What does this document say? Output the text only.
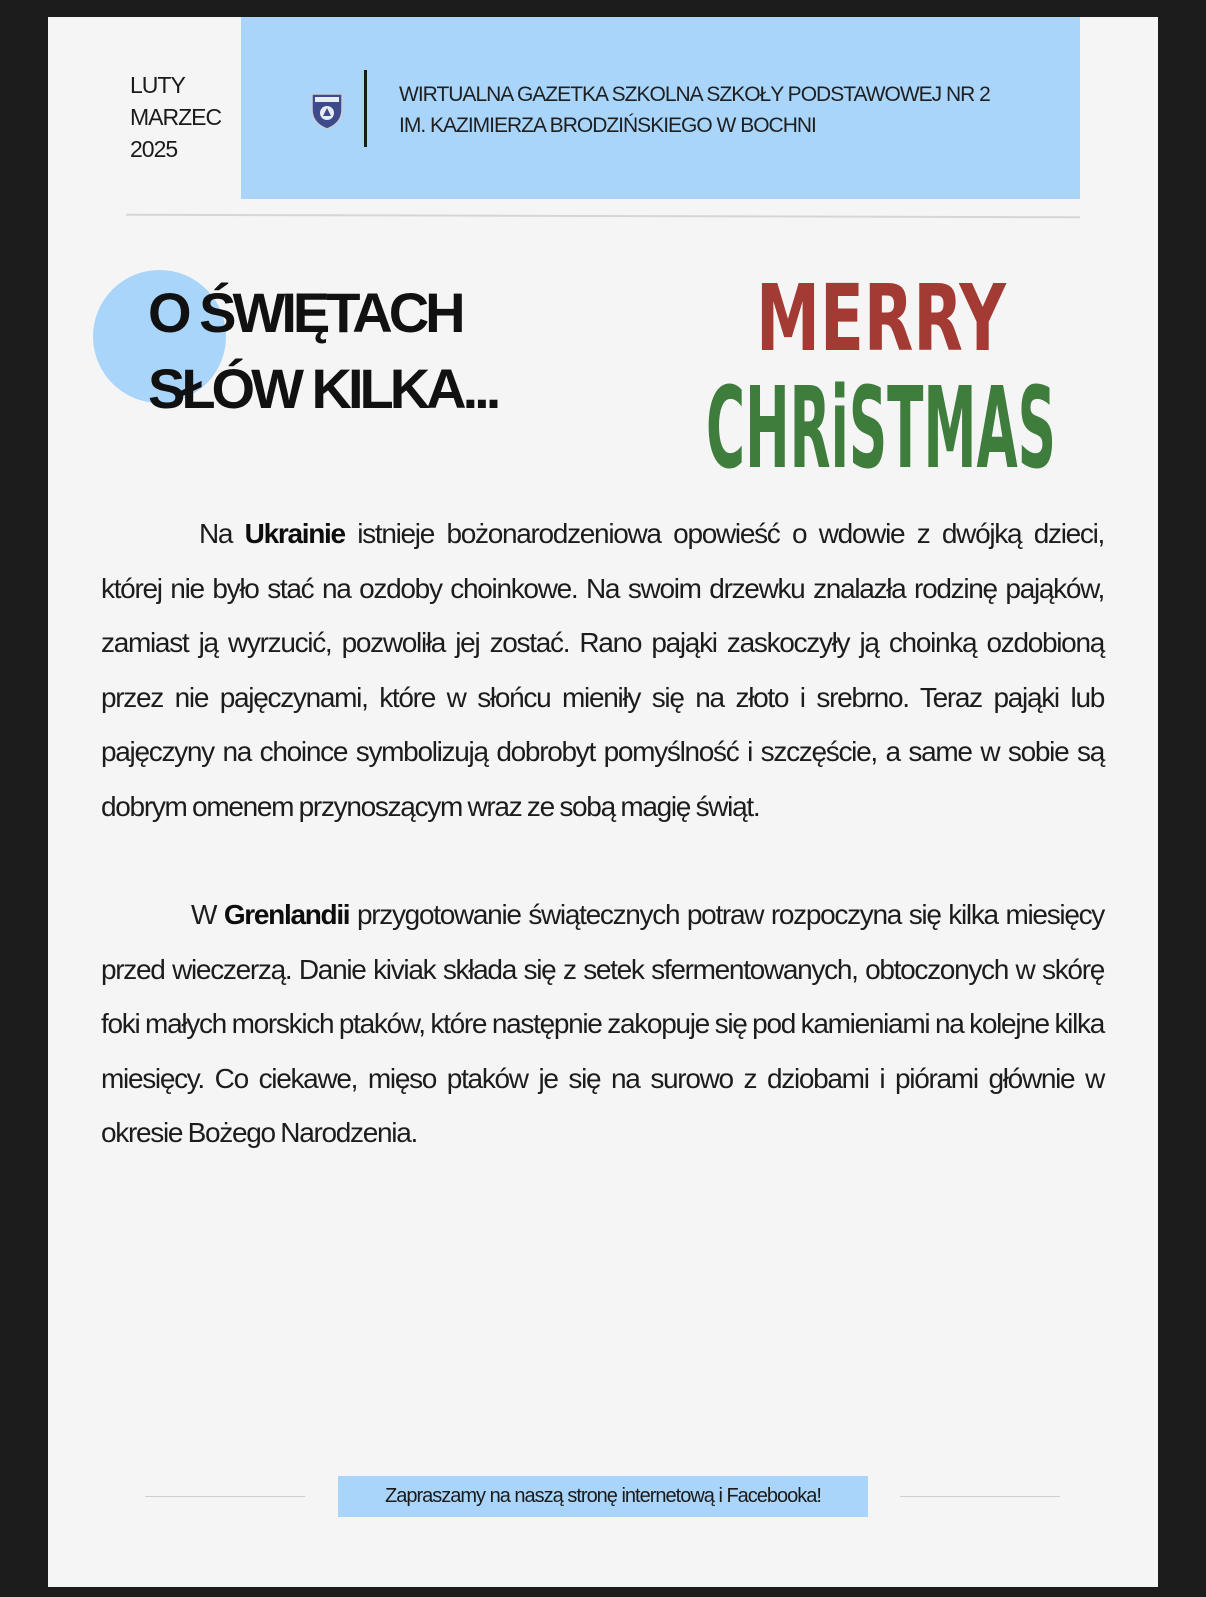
LUTY
MARZEC
2025
WIRTUALNA GAZETKA SZKOLNA SZKOŁY PODSTAWOWEJ NR 2
IM. KAZIMIERZA BRODZIŃSKIEGO W BOCHNI
O ŚWIĘTACH
SŁÓW KILKA...
MERRY
CHRiSTMAS

Na Ukrainie istnieje bożonarodzeniowa opowieść o wdowie z dwójką dzieci, której nie było stać na ozdoby choinkowe. Na swoim drzewku znalazła rodzinę pająków, zamiast ją wyrzucić, pozwoliła jej zostać. Rano pająki zaskoczyły ją choinką ozdobioną przez nie pajęczynami, które w słońcu mieniły się na złoto i srebrno. Teraz pająki lub pajęczyny na choince symbolizują dobrobyt pomyślność i szczęście, a same w sobie są dobrym omenem przynoszącym wraz ze sobą magię świąt.

W Grenlandii przygotowanie świątecznych potraw rozpoczyna się kilka miesięcy przed wieczerzą. Danie kiviak składa się z setek sfermentowanych, obtoczonych w skórę foki małych morskich ptaków, które następnie zakopuje się pod kamieniami na kolejne kilka miesięcy. Co ciekawe, mięso ptaków je się na surowo z dziobami i piórami głównie w okresie Bożego Narodzenia.

Zapraszamy na naszą stronę internetową i Facebooka!
